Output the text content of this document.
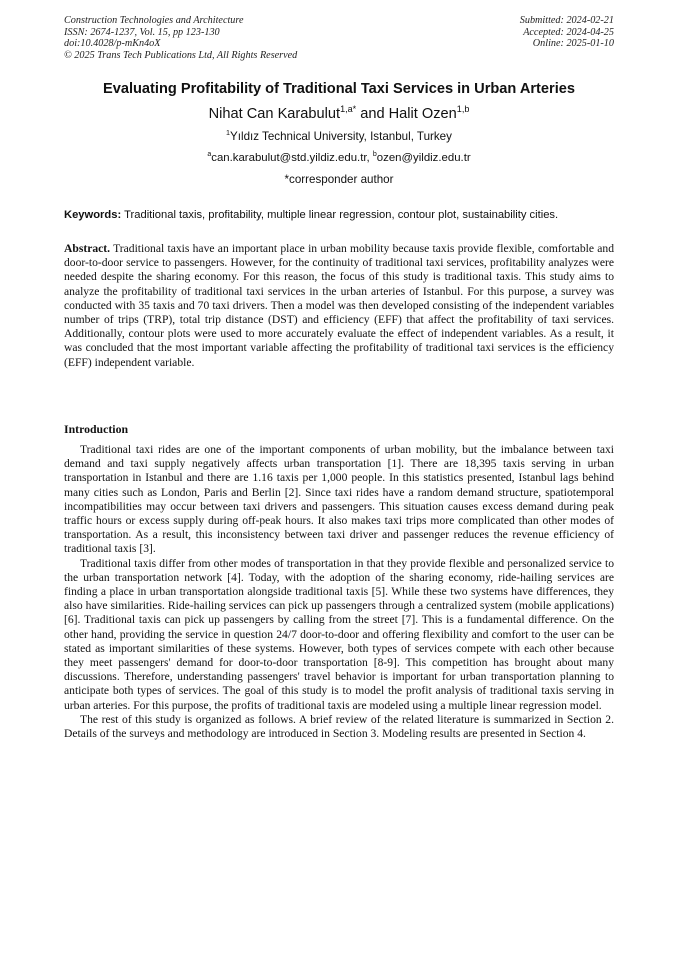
Construction Technologies and Architecture
ISSN: 2674-1237, Vol. 15, pp 123-130
doi:10.4028/p-mKn4oX
© 2025 Trans Tech Publications Ltd, All Rights Reserved
Submitted: 2024-02-21
Accepted: 2024-04-25
Online: 2025-01-10
Evaluating Profitability of Traditional Taxi Services in Urban Arteries
Nihat Can Karabulut$^{1,a*}$ and Halit Ozen$^{1,b}$
$^1$Yıldız Technical University, Istanbul, Turkey
$^a$can.karabulut@std.yildiz.edu.tr, $^b$ozen@yildiz.edu.tr
*corresponder author
Keywords: Traditional taxis, profitability, multiple linear regression, contour plot, sustainability cities.
Abstract. Traditional taxis have an important place in urban mobility because taxis provide flexible, comfortable and door-to-door service to passengers. However, for the continuity of traditional taxi services, profitability analyzes were needed despite the sharing economy. For this reason, the focus of this study is traditional taxis. This study aims to analyze the profitability of traditional taxi services in the urban arteries of Istanbul. For this purpose, a survey was conducted with 35 taxis and 70 taxi drivers. Then a model was then developed consisting of the independent variables number of trips (TRP), total trip distance (DST) and efficiency (EFF) that affect the profitability of taxi services. Additionally, contour plots were used to more accurately evaluate the effect of independent variables. As a result, it was concluded that the most important variable affecting the profitability of traditional taxi services is the efficiency (EFF) independent variable.
Introduction

Traditional taxi rides are one of the important components of urban mobility, but the imbalance between taxi demand and taxi supply negatively affects urban transportation [1]. There are 18,395 taxis serving in urban transportation in Istanbul and there are 1.16 taxis per 1,000 people. In this statistics presented, Istanbul lags behind many cities such as London, Paris and Berlin [2]. Since taxi rides have a random demand structure, spatiotemporal incompatibilities may occur between taxi drivers and passengers. This situation causes excess demand during peak traffic hours or excess supply during off-peak hours. It also makes taxi trips more complicated than other modes of transportation. As a result, this inconsistency between taxi driver and passenger reduces the revenue efficiency of traditional taxis [3].

Traditional taxis differ from other modes of transportation in that they provide flexible and personalized service to the urban transportation network [4]. Today, with the adoption of the sharing economy, ride-hailing services are finding a place in urban transportation alongside traditional taxis [5]. While these two systems have differences, they also have similarities. Ride-hailing services can pick up passengers through a centralized system (mobile applications) [6]. Traditional taxis can pick up passengers by calling from the street [7]. This is a fundamental difference. On the other hand, providing the service in question 24/7 door-to-door and offering flexibility and comfort to the user can be stated as important similarities of these systems. However, both types of services compete with each other because they meet passengers' demand for door-to-door transportation [8-9]. This competition has brought about many discussions. Therefore, understanding passengers' travel behavior is important for urban transportation planning to anticipate both types of services. The goal of this study is to model the profit analysis of traditional taxis serving in urban arteries. For this purpose, the profits of traditional taxis are modeled using a multiple linear regression model.

The rest of this study is organized as follows. A brief review of the related literature is summarized in Section 2. Details of the surveys and methodology are introduced in Section 3. Modeling results are presented in Section 4.
